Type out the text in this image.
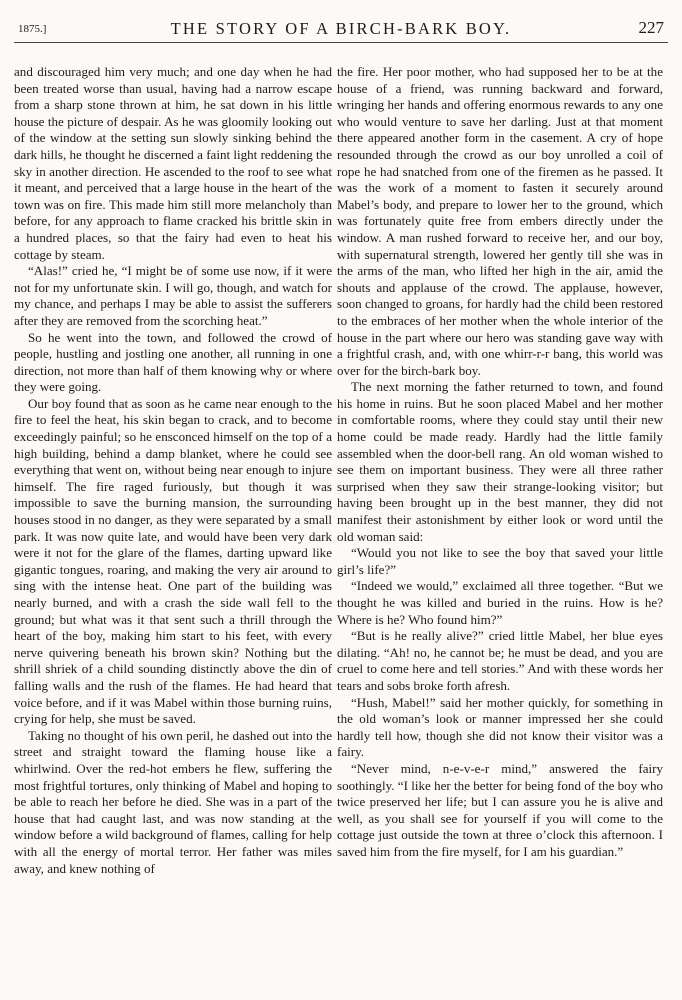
1875.]	THE STORY OF A BIRCH-BARK BOY.	227

and discouraged him very much; and one day when he had been treated worse than usual, having had a narrow escape from a sharp stone thrown at him, he sat down in his little house the picture of despair. As he was gloomily looking out of the window at the setting sun slowly sinking behind the dark hills, he thought he discerned a faint light reddening the sky in another direction. He ascended to the roof to see what it meant, and perceived that a large house in the heart of the town was on fire. This made him still more melancholy than before, for any approach to flame cracked his brittle skin in a hundred places, so that the fairy had even to heat his cottage by steam.

“Alas!” cried he, “I might be of some use now, if it were not for my unfortunate skin. I will go, though, and watch for my chance, and perhaps I may be able to assist the sufferers after they are removed from the scorching heat.”

So he went into the town, and followed the crowd of people, hustling and jostling one another, all running in one direction, not more than half of them knowing why or where they were going.

Our boy found that as soon as he came near enough to the fire to feel the heat, his skin began to crack, and to become exceedingly painful; so he ensconced himself on the top of a high building, behind a damp blanket, where he could see everything that went on, without being near enough to injure himself. The fire raged furiously, but though it was impossible to save the burning mansion, the surrounding houses stood in no danger, as they were separated by a small park. It was now quite late, and would have been very dark were it not for the glare of the flames, darting upward like gigantic tongues, roaring, and making the very air around to sing with the intense heat. One part of the building was nearly burned, and with a crash the side wall fell to the ground; but what was it that sent such a thrill through the heart of the boy, making him start to his feet, with every nerve quivering beneath his brown skin? Nothing but the shrill shriek of a child sounding distinctly above the din of falling walls and the rush of the flames. He had heard that voice before, and if it was Mabel within those burning ruins, crying for help, she must be saved.

Taking no thought of his own peril, he dashed out into the street and straight toward the flaming house like a whirlwind. Over the red-hot embers he flew, suffering the most frightful tortures, only thinking of Mabel and hoping to be able to reach her before he died. She was in a part of the house that had caught last, and was now standing at the window before a wild background of flames, calling for help with all the energy of mortal terror. Her father was miles away, and knew nothing of

the fire. Her poor mother, who had supposed her to be at the house of a friend, was running backward and forward, wringing her hands and offering enormous rewards to any one who would venture to save her darling. Just at that moment there appeared another form in the casement. A cry of hope resounded through the crowd as our boy unrolled a coil of rope he had snatched from one of the firemen as he passed. It was the work of a moment to fasten it securely around Mabel’s body, and prepare to lower her to the ground, which was fortunately quite free from embers directly under the window. A man rushed forward to receive her, and our boy, with supernatural strength, lowered her gently till she was in the arms of the man, who lifted her high in the air, amid the shouts and applause of the crowd. The applause, however, soon changed to groans, for hardly had the child been restored to the embraces of her mother when the whole interior of the house in the part where our hero was standing gave way with a frightful crash, and, with one whirr-r-r bang, this world was over for the birch-bark boy.

The next morning the father returned to town, and found his home in ruins. But he soon placed Mabel and her mother in comfortable rooms, where they could stay until their new home could be made ready. Hardly had the little family assembled when the door-bell rang. An old woman wished to see them on important business. They were all three rather surprised when they saw their strange-looking visitor; but having been brought up in the best manner, they did not manifest their astonishment by either look or word until the old woman said:

“Would you not like to see the boy that saved your little girl’s life?”

“Indeed we would,” exclaimed all three together. “But we thought he was killed and buried in the ruins. How is he? Where is he? Who found him?”

“But is he really alive?” cried little Mabel, her blue eyes dilating. “Ah! no, he cannot be; he must be dead, and you are cruel to come here and tell stories.” And with these words her tears and sobs broke forth afresh.

“Hush, Mabel!” said her mother quickly, for something in the old woman’s look or manner impressed her she could hardly tell how, though she did not know their visitor was a fairy.

“Never mind, n-e-v-e-r mind,” answered the fairy soothingly. “I like her the better for being fond of the boy who twice preserved her life; but I can assure you he is alive and well, as you shall see for yourself if you will come to the cottage just outside the town at three o’clock this afternoon. I saved him from the fire myself, for I am his guardian.”
